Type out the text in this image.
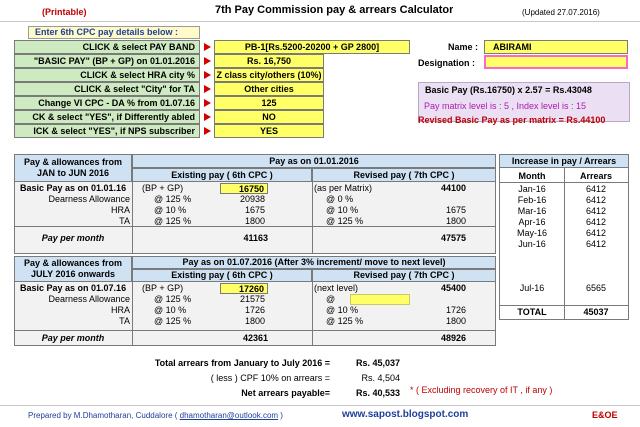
(Printable)	7th Pay Commission pay & arrears Calculator	(Updated 27.07.2016)
Enter 6th CPC pay details below :
CLICK & select PAY BAND	PB-1[Rs.5200-20200 + GP 2800]
"BASIC PAY" (BP + GP) on 01.01.2016	Rs. 16,750
CLICK & select HRA city % Z class city/others (10%)
CLICK & select "City" for TA	Other cities
Change VI CPC - DA % from 01.07.16	125
CK & select "YES", if Differently abled	NO
ICK & select "YES", if NPS subscriber	YES
Name : ABIRAMI
Designation :
Basic Pay (Rs.16750) x 2.57 = Rs.43048
Pay matrix level is : 5 , Index level is : 15
Revised Basic Pay as per matrix = Rs.44100
Pay & allowances from JAN to JUN 2016
Pay as on 01.01.2016
Existing pay ( 6th CPC )	Revised pay ( 7th CPC )
Basic Pay as on 01.01.16 (BP + GP)	16750	(as per Matrix)	44100
Dearness Allowance	@ 125 %	20938	@ 0 %
HRA	@ 10 %	1675	@ 10 %	1675
TA	@ 125 %	1800	@ 125 %	1800
Pay per month	41163	47575
Pay & allowances from JULY 2016 onwards
Pay as on 01.07.2016 (After 3% increment/ move to next level)
Existing pay ( 6th CPC )	Revised pay ( 7th CPC )
Basic Pay as on 01.07.16 (BP + GP)	17260	(next level)	45400
Dearness Allowance	@ 125 %	21575	@
HRA	@ 10 %	1726	@ 10 %	1726
TA	@ 125 %	1800	@ 125 %	1800
Pay per month	42361	48926
Increase in pay / Arrears
Month	Arrears
Jan-16	6412
Feb-16	6412
Mar-16	6412
Apr-16	6412
May-16	6412
Jun-16	6412
Jul-16	6565
TOTAL	45037
Total arrears from January to July 2016 =	Rs. 45,037
( less ) CPF 10% on arrears =	Rs. 4,504
Net arrears payable=	Rs. 40,533 * ( Excluding recovery of IT , if any )
Prepared by M.Dhamotharan, Cuddalore ( dhamotharan@outlook.com )	www.sapost.blogspot.com	E&OE
